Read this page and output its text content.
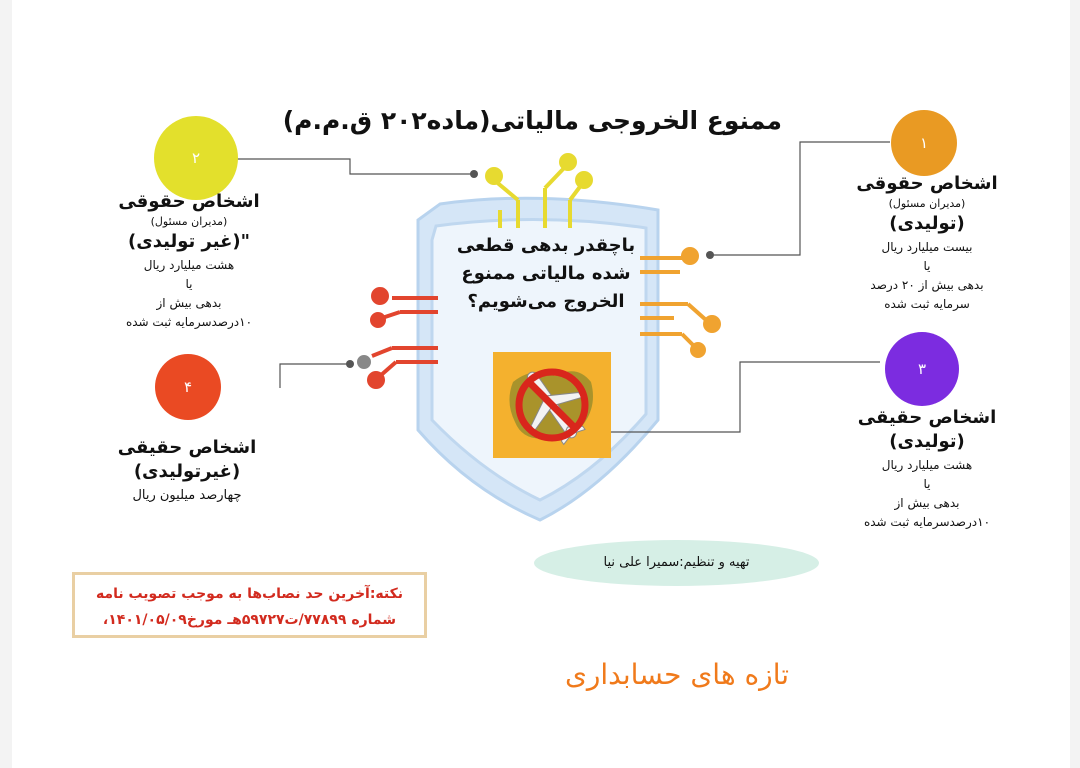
ممنوع الخروجی مالیاتی(ماده۲۰۲ ق.م.م)
باچقدر بدهی قطعی شده مالیاتی ممنوع الخروج می‌شویم؟
۱
اشخاص حقوقی
(مدیران مسئول)
(تولیدی)
بیست میلیارد ریال
یا
بدهی بیش از ۲۰ درصد
سرمایه ثبت شده
۲
اشخاص حقوقی
(مدیران مسئول)
"(غیر تولیدی)
هشت میلیارد ریال
یا
بدهی بیش از
۱۰درصدسرمایه ثبت شده
۳
اشخاص حقیقی
(تولیدی)
هشت میلیارد ریال
یا
بدهی بیش از
۱۰درصدسرمایه ثبت شده
۴
اشخاص حقیقی
(غیرتولیدی)
چهارصد میلیون ریال
تهیه و تنظیم:سمیرا علی نیا
نکته:آخرین حد نصاب‌ها به موجب تصویب نامه
شماره ۷۷۸۹۹/ت۵۹۷۲۷هـ مورخ۱۴۰۱/۰۵/۰۹،
تازه های حسابداری
